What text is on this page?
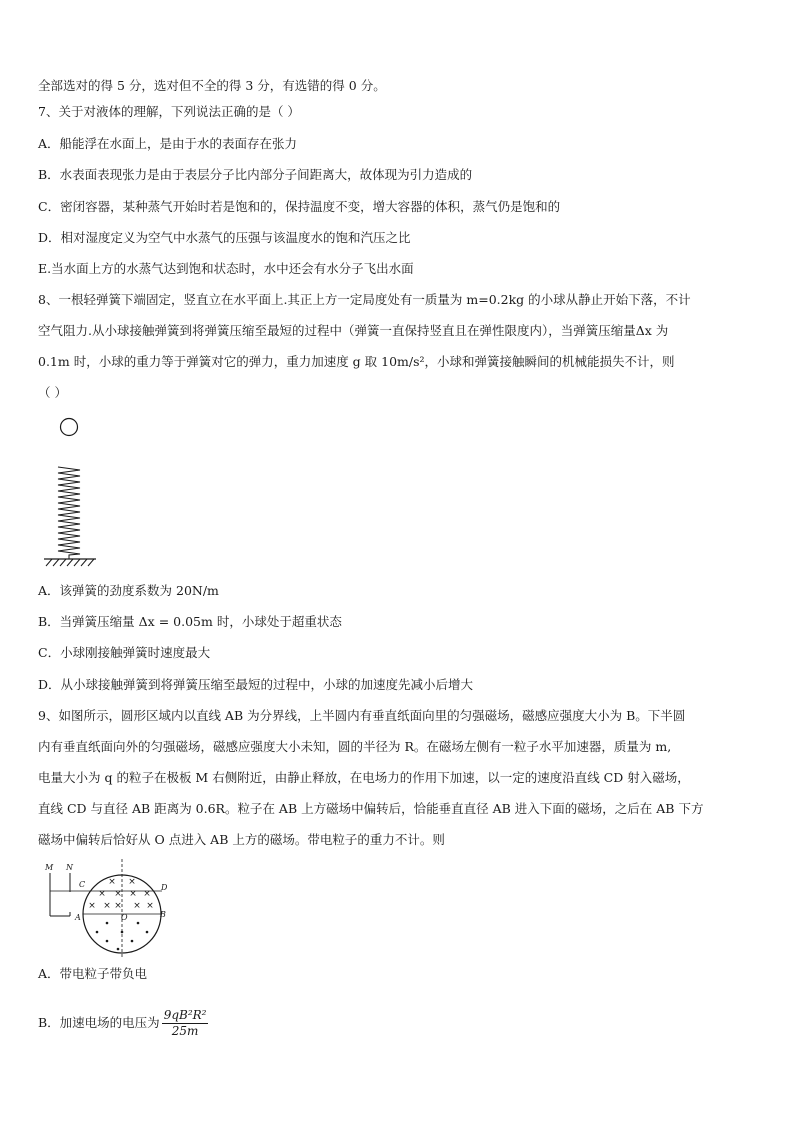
全部选对的得 5 分，选对但不全的得 3 分，有选错的得 0 分。
7、关于对液体的理解，下列说法正确的是（ ）
A．船能浮在水面上，是由于水的表面存在张力
B．水表面表现张力是由于表层分子比内部分子间距离大，故体现为引力造成的
C．密闭容器，某种蒸气开始时若是饱和的，保持温度不变，增大容器的体积，蒸气仍是饱和的
D．相对湿度定义为空气中水蒸气的压强与该温度水的饱和汽压之比
E.当水面上方的水蒸气达到饱和状态时，水中还会有水分子飞出水面
8、一根轻弹簧下端固定，竖直立在水平面上.其正上方一定局度处有一质量为 m=0.2kg 的小球从静止开始下落，不计
空气阻力.从小球接触弹簧到将弹簧压缩至最短的过程中（弹簧一直保持竖直且在弹性限度内），当弹簧压缩量Δx 为
0.1m 时，小球的重力等于弹簧对它的弹力，重力加速度 g 取 10m/s²，小球和弹簧接触瞬间的机械能损失不计，则
（ ）
A．该弹簧的劲度系数为 20N/m
B．当弹簧压缩量 Δx = 0.05m 时，小球处于超重状态
C．小球刚接触弹簧时速度最大
D．从小球接触弹簧到将弹簧压缩至最短的过程中，小球的加速度先减小后增大
9、如图所示，圆形区域内以直线 AB 为分界线，上半圆内有垂直纸面向里的匀强磁场，磁感应强度大小为 B。下半圆
内有垂直纸面向外的匀强磁场，磁感应强度大小未知，圆的半径为 R。在磁场左侧有一粒子水平加速器，质量为 m,
电量大小为 q 的粒子在极板 M 右侧附近，由静止释放，在电场力的作用下加速，以一定的速度沿直线 CD 射入磁场，
直线 CD 与直径 AB 距离为 0.6R。粒子在 AB 上方磁场中偏转后，恰能垂直直径 AB 进入下面的磁场，之后在 AB 下方
磁场中偏转后恰好从 O 点进入 AB 上方的磁场。带电粒子的重力不计。则
M N
C	D
A	B
O
× ×
× × × ×
× × × × ×
A．带电粒子带负电
B．加速电场的电压为 $\frac{\text{9qB²R²}}{25m}$
